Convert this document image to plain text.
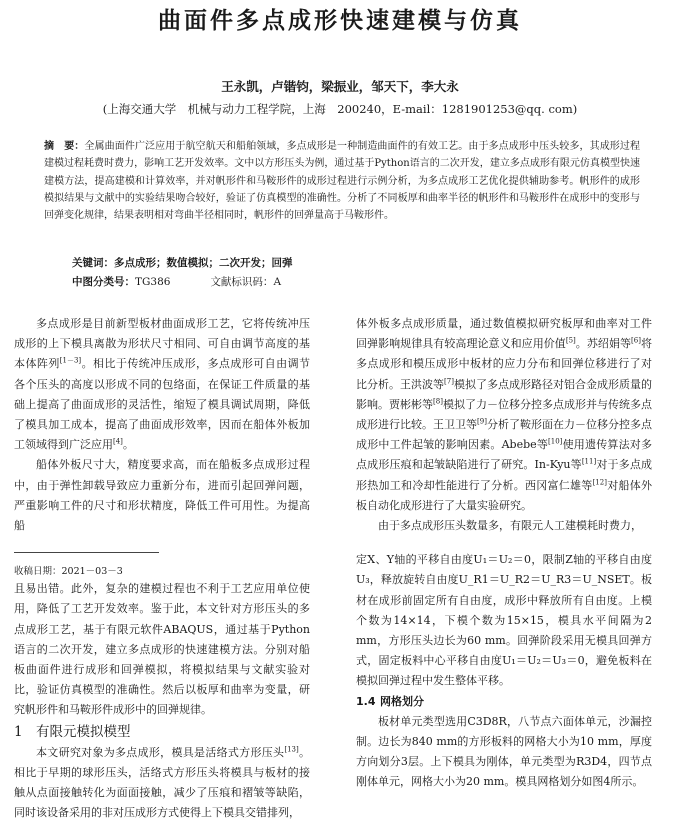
曲面件多点成形快速建模与仿真
王永凯，卢锴钧，梁振业，邹天下，李大永
(上海交通大学　机械与动力工程学院，上海　200240，E-mail：1281901253@qq. com)
摘　要：全属曲面件广泛应用于航空航天和船舶领域，多点成形是一种制造曲面件的有效工艺。由于多点成形中压头较多，其成形过程建模过程耗费时费力，影响工艺开发效率。文中以方形压头为例，通过基于Python语言的二次开发，建立多点成形有限元仿真模型快速建模方法，提高建模和计算效率，并对帆形件和马鞍形件的成形过程进行示例分析，为多点成形工艺优化提供辅助参考。帆形件的成形模拟结果与文献中的实验结果吻合较好，验证了仿真模型的准确性。分析了不同板厚和曲率半径的帆形件和马鞍形件在成形中的变形与回弹变化规律，结果表明相对弯曲半径相同时，帆形件的回弹量高于马鞍形件。
关键词：多点成形；数值模拟；二次开发；回弹
中图分类号：TG386	文献标识码：A

多点成形是目前新型板材曲面成形工艺，它将传统冲压成形的上下模具离散为形状尺寸相同、可自由调节高度的基本体阵列[1－3]。相比于传统冲压成形，多点成形可自由调节各个压头的高度以形成不同的包络面，在保证工件质量的基础上提高了曲面成形的灵活性，缩短了模具调试周期，降低了模具加工成本，提高了曲面成形效率，因而在船体外板加工领域得到广泛应用[4]。

船体外板尺寸大，精度要求高，而在船板多点成形过程中，由于弹性卸载导致应力重新分布，进而引起回弹问题，严重影响工件的尺寸和形状精度，降低工件可用性。为提高船

收稿日期：2021－03－3

且易出错。此外，复杂的建模过程也不利于工艺应用单位使用，降低了工艺开发效率。鉴于此，本文针对方形压头的多点成形工艺，基于有限元软件ABAQUS，通过基于Python语言的二次开发，建立多点成形的快速建模方法。分别对船板曲面件进行成形和回弹模拟，将模拟结果与文献实验对比，验证仿真模型的准确性。然后以板厚和曲率为变量，研究帆形件和马鞍形件成形中的回弹规律。

1 有限元模拟模型

本文研究对象为多点成形，模具是活络式方形压头[13]。相比于早期的球形压头，活络式方形压头将模具与板材的接触从点面接触转化为面面接触，减少了压痕和褶皱等缺陷，同时该设备采用的非对压成形方式使得上下模具交错排列，

体外板多点成形质量，通过数值模拟研究板厚和曲率对工件回弹影响规律具有较高理论意义和应用价值[5]。苏绍娟等[6]将多点成形和模压成形中板材的应力分布和回弹位移进行了对比分析。王洪波等[7]模拟了多点成形路径对铝合金成形质量的影响。贾彬彬等[8]模拟了力－位移分控多点成形并与传统多点成形进行比较。王卫卫等[9]分析了鞍形面在力－位移分控多点成形中工件起皱的影响因素。Abebe等[10]使用遗传算法对多点成形压痕和起皱缺陷进行了研究。In-Kyu等[11]对于多点成形热加工和冷却性能进行了分析。西冈富仁雄等[12]对船体外板自动化成形进行了大量实验研究。

由于多点成形压头数量多，有限元人工建模耗时费力，

定X、Y轴的平移自由度U₁＝U₂＝0，限制Z轴的平移自由度U₃，释放旋转自由度U_R1＝U_R2＝U_R3＝U_NSET。板材在成形前固定所有自由度，成形中释放所有自由度。上模个数为14×14，下模个数为15×15，模具水平间隔为2 mm，方形压头边长为60 mm。回弹阶段采用无模具回弹方式，固定板料中心平移自由度U₁＝U₂＝U₃＝0，避免板料在模拟回弹过程中发生整体平移。

1.4 网格划分

板材单元类型选用C3D8R，八节点六面体单元，沙漏控制。边长为840 mm的方形板料的网格大小为10 mm，厚度方向划分3层。上下模具为刚体，单元类型为R3D4，四节点刚体单元，网格大小为20 mm。模具网格划分如图4所示。
